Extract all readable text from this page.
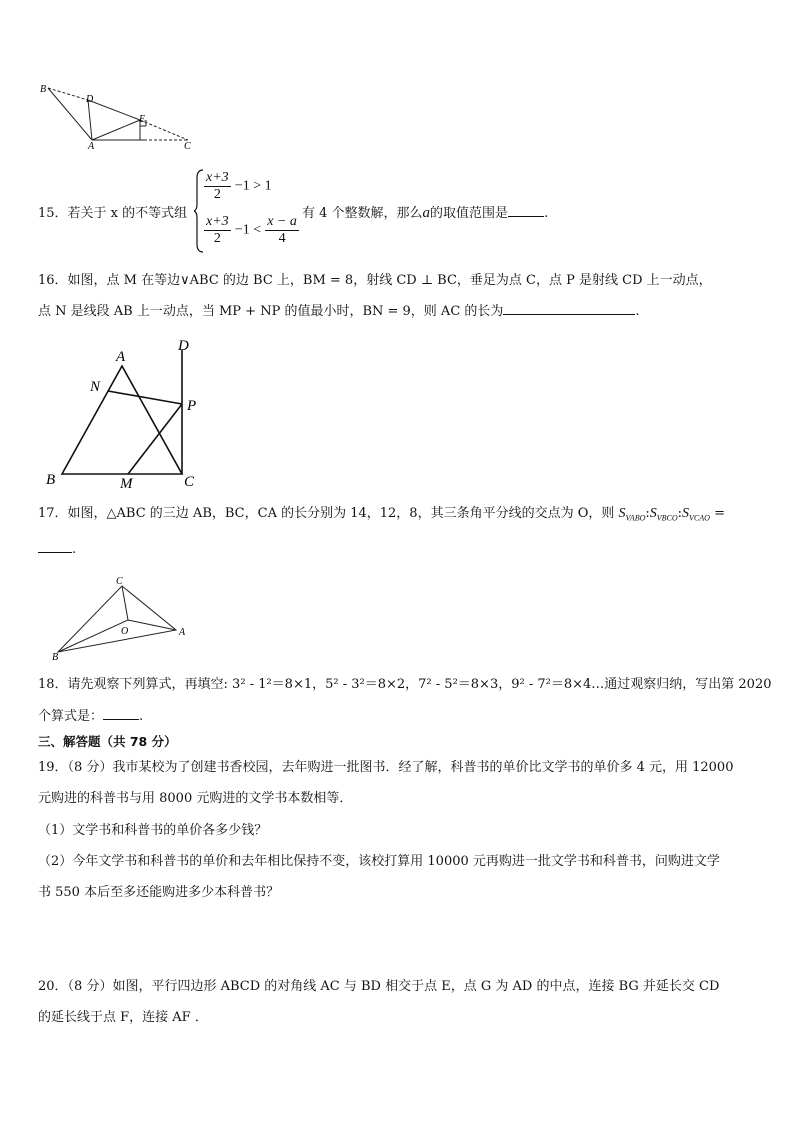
B
D
E
A	C
15．若关于 x 的不等式组
$\frac{x+3}{2} -1 > 1$
$\frac{x+3}{2} -1 < \frac{x - a}{4}$
有 4 个整数解，那么a的取值范围是	.
16．如图，点 M 在等边∨ABC 的边 BC 上，BM = 8，射线 CD ⊥ BC，垂足为点 C，点 P 是射线 CD 上一动点，
点 N 是线段 AB 上一动点，当 MP + NP 的值最小时，BN = 9，则 AC 的长为	.
A
D
N
P
B	M	C
17．如图，△ABC 的三边 AB，BC，CA 的长分别为 14，12，8，其三条角平分线的交点为 O，则 $S_{VABO}:S_{VBCO}:S_{VCAO}$ =
.
C
O	A
B
18．请先观察下列算式，再填空: 3² - 1²＝8×1，5² - 3²＝8×2，7² - 5²＝8×3，9² - 7²＝8×4…通过观察归纳，写出第 2020
个算式是：	.
三、解答题（共 78 分）
19．（8 分）我市某校为了创建书香校园，去年购进一批图书．经了解，科普书的单价比文学书的单价多 4 元，用 12000
元购进的科普书与用 8000 元购进的文学书本数相等．
（1）文学书和科普书的单价各多少钱？
（2）今年文学书和科普书的单价和去年相比保持不变，该校打算用 10000 元再购进一批文学书和科普书，问购进文学
书 550 本后至多还能购进多少本科普书？
20．（8 分）如图，平行四边形 ABCD 的对角线 AC 与 BD 相交于点 E，点 G 为 AD 的中点，连接 BG 并延长交 CD
的延长线于点 F，连接 AF ．
